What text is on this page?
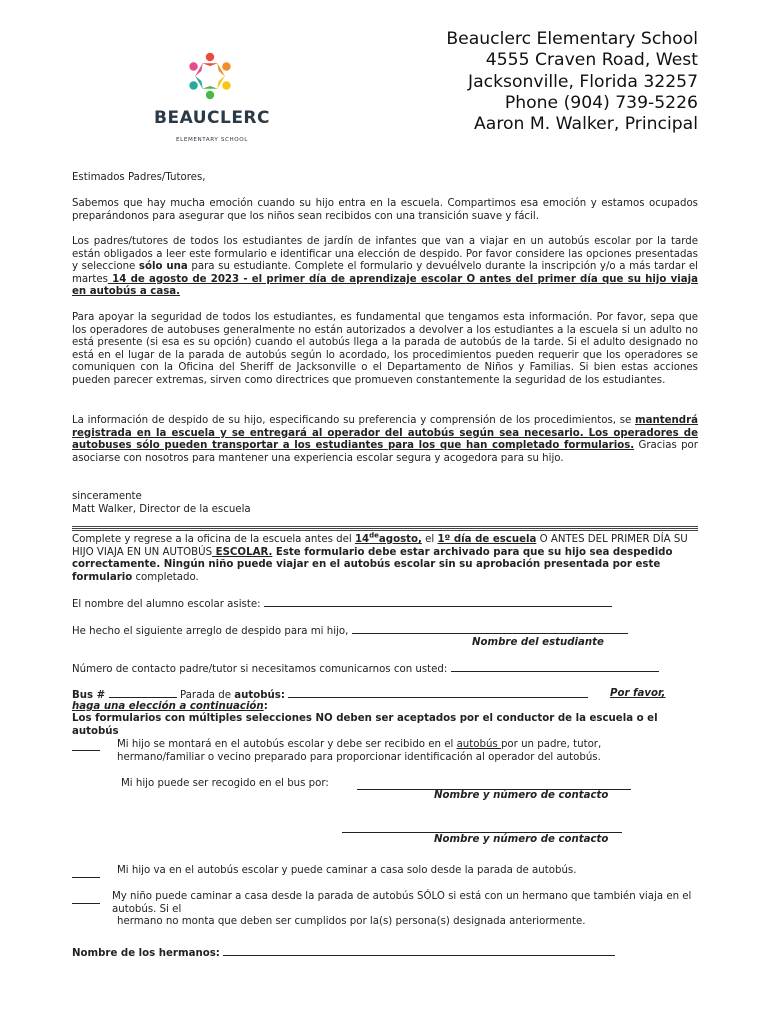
BEAUCLERC
ELEMENTARY SCHOOL
Beauclerc Elementary School
4555 Craven Road, West
Jacksonville, Florida 32257
Phone (904) 739-5226
Aaron M. Walker, Principal
Estimados Padres/Tutores,
Sabemos que hay mucha emoción cuando su hijo entra en la escuela. Compartimos esa emoción y estamos ocupados preparándonos para asegurar que los niños sean recibidos con una transición suave y fácil.
Los padres/tutores de todos los estudiantes de jardín de infantes que van a viajar en un autobús escolar por la tarde están obligados a leer este formulario e identificar una elección de despido. Por favor considere las opciones presentadas y seleccione sólo una para su estudiante. Complete el formulario y devuélvelo durante la inscripción y/o a más tardar el martes 14 de agosto de 2023 - el primer día de aprendizaje escolar O antes del primer día que su hijo viaja en autobús a casa.
Para apoyar la seguridad de todos los estudiantes, es fundamental que tengamos esta información. Por favor, sepa que los operadores de autobuses generalmente no están autorizados a devolver a los estudiantes a la escuela si un adulto no está presente (si esa es su opción) cuando el autobús llega a la parada de autobús de la tarde. Si el adulto designado no está en el lugar de la parada de autobús según lo acordado, los procedimientos pueden requerir que los operadores se comuniquen con la Oficina del Sheriff de Jacksonville o el Departamento de Niños y Familias. Si bien estas acciones pueden parecer extremas, sirven como directrices que promueven constantemente la seguridad de los estudiantes.
La información de despido de su hijo, especificando su preferencia y comprensión de los procedimientos, se mantendrá registrada en la escuela y se entregará al operador del autobús según sea necesario. Los operadores de autobuses sólo pueden transportar a los estudiantes para los que han completado formularios. Gracias por asociarse con nosotros para mantener una experiencia escolar segura y acogedora para su hijo.
sinceramente
Matt Walker, Director de la escuela
Complete y regrese a la oficina de la escuela antes del 14deagosto, el 1º día de escuela O ANTES DEL PRIMER DÍA SU HIJO VIAJA EN UN AUTOBÚS ESCOLAR. Este formulario debe estar archivado para que su hijo sea despedido correctamente. Ningún niño puede viajar en el autobús escolar sin su aprobación presentada por este formulario completado.
El nombre del alumno escolar asiste:
He hecho el siguiente arreglo de despido para mi hijo,
Nombre del estudiante
Número de contacto padre/tutor si necesitamos comunicarnos con usted:
Bus #	Parada de autobús:	Por favor,
haga una elección a continuación:
Los formularios con múltiples selecciones NO deben ser aceptados por el conductor de la escuela o el autobús
Mi hijo se montará en el autobús escolar y debe ser recibido en el autobús por un padre, tutor, hermano/familiar o vecino preparado para proporcionar identificación al operador del autobús.
Mi hijo puede ser recogido en el bus por:
Nombre y número de contacto
Nombre y número de contacto
Mi hijo va en el autobús escolar y puede caminar a casa solo desde la parada de autobús.
My niño puede caminar a casa desde la parada de autobús SÓLO si está con un hermano que también viaja en el autobús. Si el
hermano no monta que deben ser cumplidos por la(s) persona(s) designada anteriormente.
Nombre de los hermanos:
